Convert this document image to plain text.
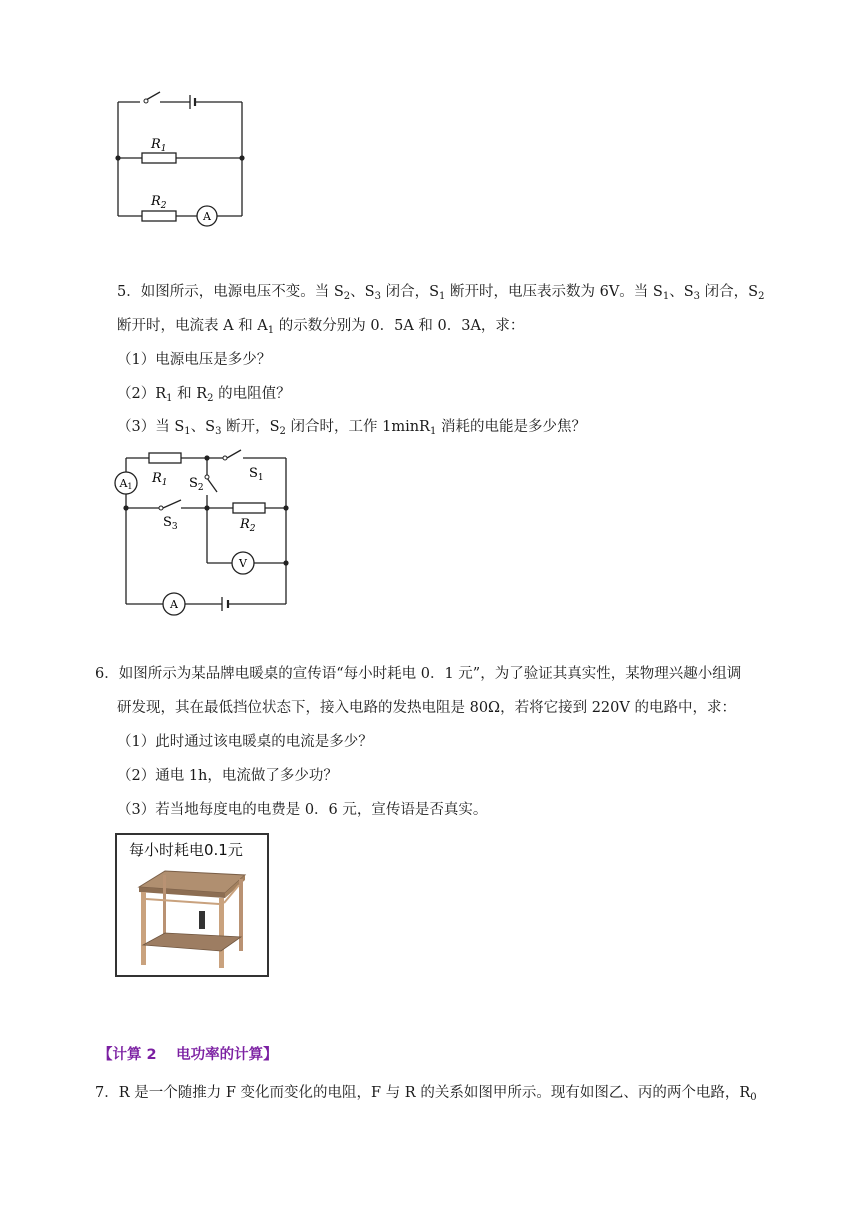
$R_1$
$R_2$
A
5．如图所示，电源电压不变。当 $S_2$、$S_3$ 闭合，$S_1$ 断开时，电压表示数为 6V。当 $S_1$、$S_3$ 闭合，$S_2$
断开时，电流表 A 和 $A_1$ 的示数分别为 0．5A 和 0．3A，求：
（1）电源电压是多少？
$(2)R_1$ 和 $R_2$ 的电阻值？
（3）当 $S_1$、$S_3$ 断开，$S_2$ 闭合时，工作 1minR$_1$ 消耗的电能是多少焦？
A1
$R_1$
$S_1$
$S_2$
$S_3$	$R_2$
V
A
6．如图所示为某品牌电暖桌的宣传语“每小时耗电 0．1 元”，为了验证其真实性，某物理兴趣小组调
研发现，其在最低挡位状态下，接入电路的发热电阻是 80Ω，若将它接到 220V 的电路中，求：
（1）此时通过该电暖桌的电流是多少？
（2）通电 1h，电流做了多少功？
（3）若当地每度电的电费是 0．6 元，宣传语是否真实。
每小时耗电0.1元
【计算 2　 电功率的计算】
7．R 是一个随推力 F 变化而变化的电阻，F 与 R 的关系如图甲所示。现有如图乙、丙的两个电路，$R_0$
